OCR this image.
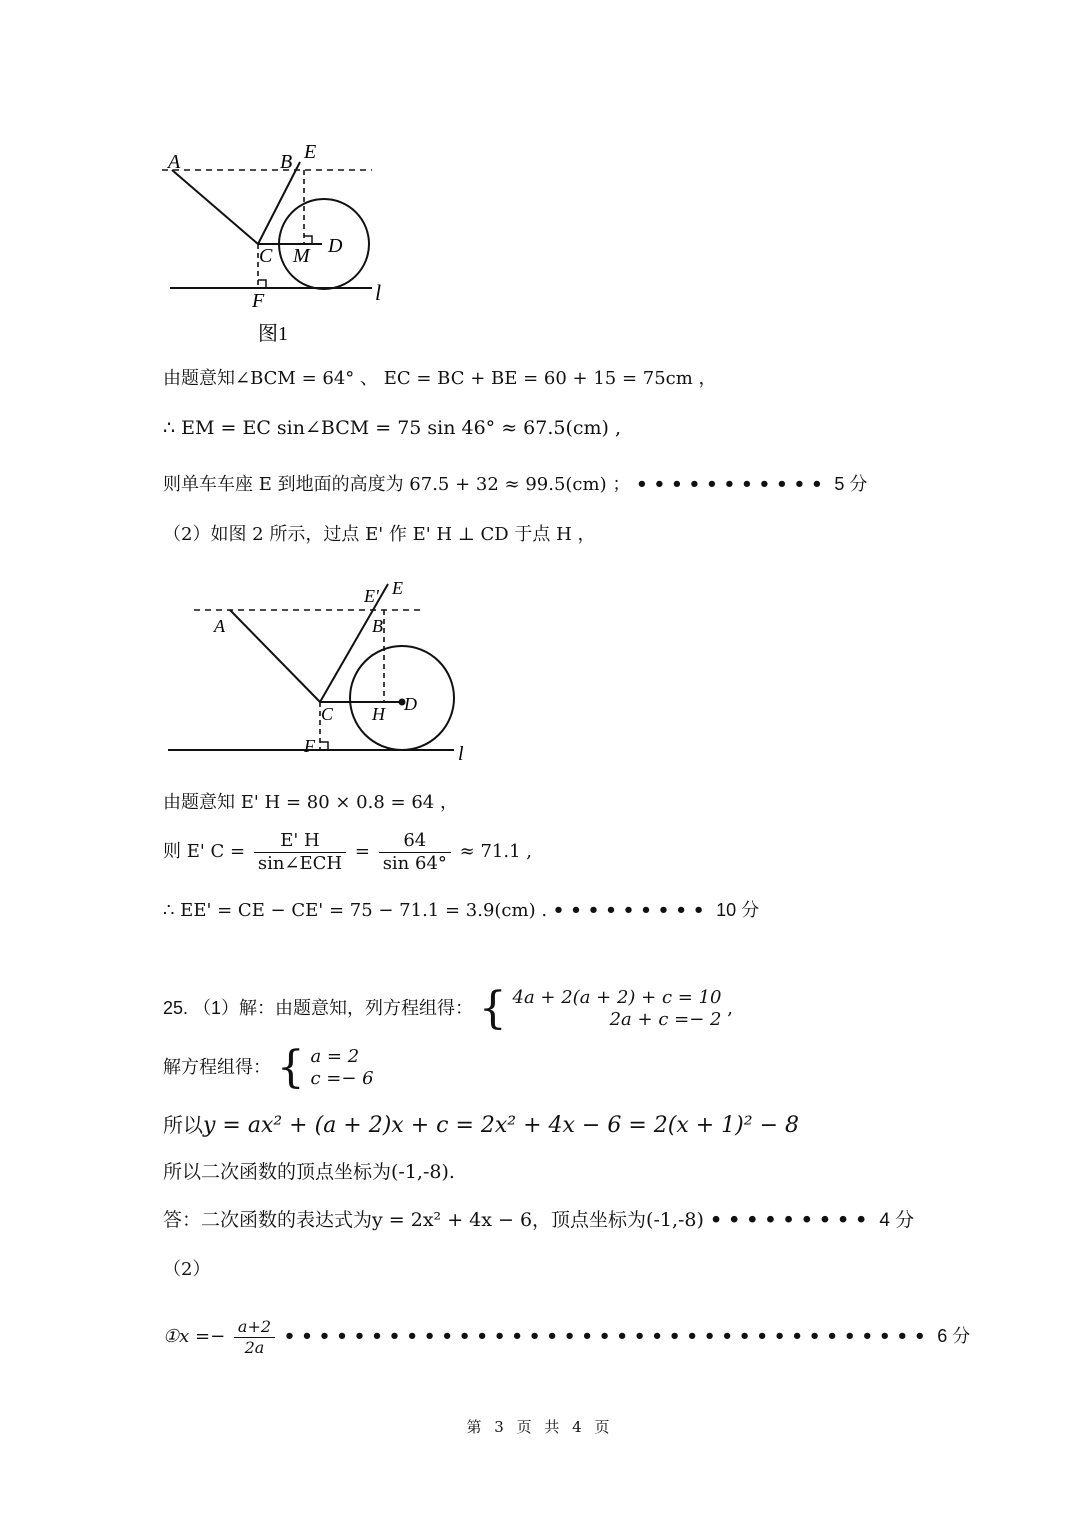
A	B E
C M D
F	l
图1
由题意知∠BCM = 64° 、 EC = BC + BE = 60 + 15 = 75cm ，
∴ EM = EC sin∠BCM = 75 sin 46° ≈ 67.5(cm) ,
则单车车座 E 到地面的高度为 67.5 + 32 ≈ 99.5(cm) ； ••••••••••• 5 分
（2）如图 2 所示，过点 E' 作 E' H ⊥ CD 于点 H ，
E' E
A	B
C H D
F	l
由题意知 E' H = 80 × 0.8 = 64 ，
则 E' $C = \frac{E' H}{\text{sin∠ECH}} = \frac{64}{\sin 64^\circ} \approx 71.1$ ,
∴ EE' = CE − CE' = 75 − 71.1 = 3.9(cm) . ••••••••• 10 分
25. （1）解：由题意知，列方程组得： { 4a + 2(a + 2) + c = 10
2a + c =− 2
,
解方程组得： { a = 2
c =− 6
所以y = ax² + (a + 2)x + c = 2x² + 4x − 6 = 2(x + 1)² − 8
所以二次函数的顶点坐标为(-1,-8).
答：二次函数的表达式为y = 2x² + 4x − 6，顶点坐标为(-1,-8) ••••••••• 4 分
（2）
①x =− $\frac{a+2}{2a}$ ••••••••••••••••••••••••••••••••••••• 6 分
第 3 页 共 4 页
